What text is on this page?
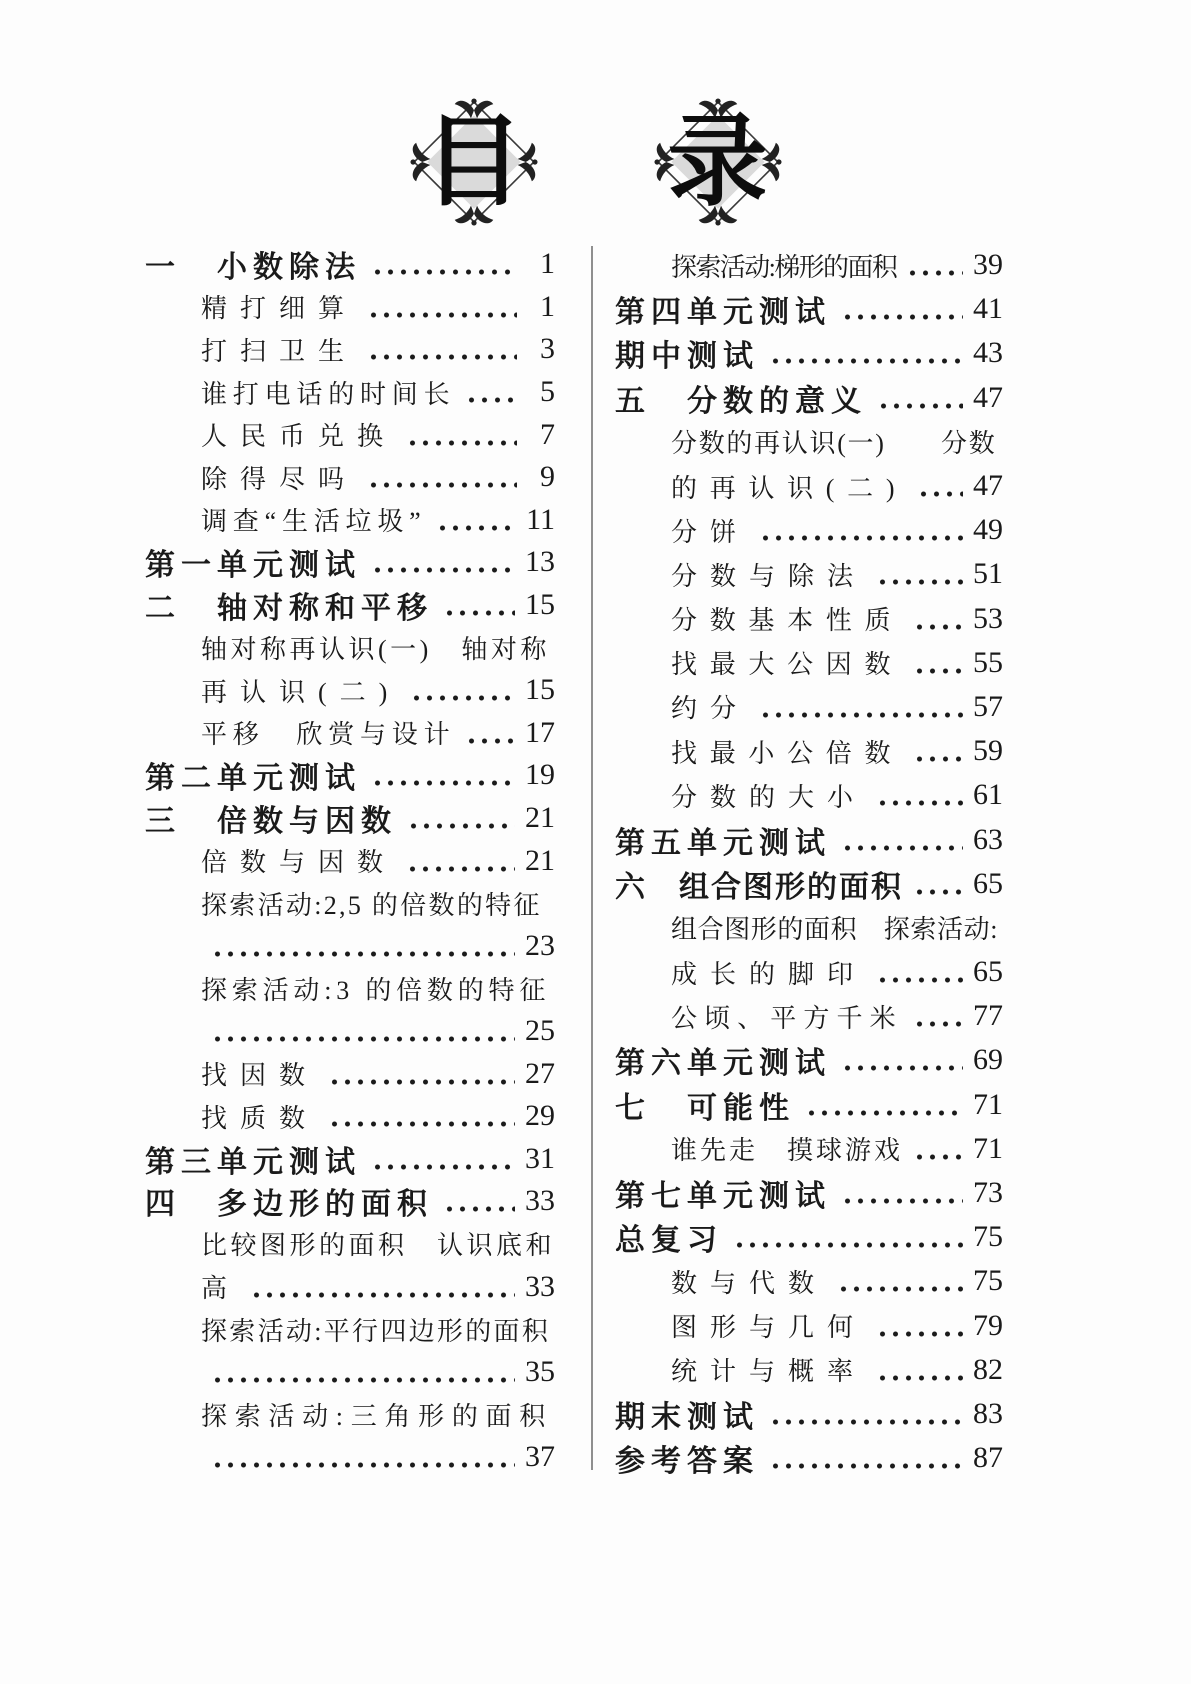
目 录
一　小数除法	1
精打细算	1
打扫卫生	3
谁打电话的时间长	5
人民币兑换	7
除得尽吗	9
调查“生活垃圾”	11
第一单元测试	13
二　轴对称和平移	15
轴对称再认识(一)　轴对称
再认识(二)	15
平移　欣赏与设计 17
第二单元测试	19
三　倍数与因数	21
倍数与因数	21
探索活动:2,5 的倍数的特征
23
探索活动:3 的倍数的特征
25
找因数	27
找质数	29
第三单元测试	31
四　多边形的面积	33
比较图形的面积　认识底和
高	33
探索活动:平行四边形的面积
35
探索活动:三角形的面积
37
探索活动:梯形的面积	39
第四单元测试	41
期中测试	43
五　分数的意义	47
分数的再认识(一)　　分数
的再认识(二) 47
分饼	49
分数与除法	51
分数基本性质 53
找最大公因数 55
约分	57
找最小公倍数 59
分数的大小	61
第五单元测试	63
六　组合图形的面积 65
组合图形的面积　探索活动:
成长的脚印	65
公顷、平方千米 77
第六单元测试	69
七　可能性	71
谁先走　摸球游戏 71
第七单元测试	73
总复习	75
数与代数	75
图形与几何	79
统计与概率	82
期末测试	83
参考答案	87
